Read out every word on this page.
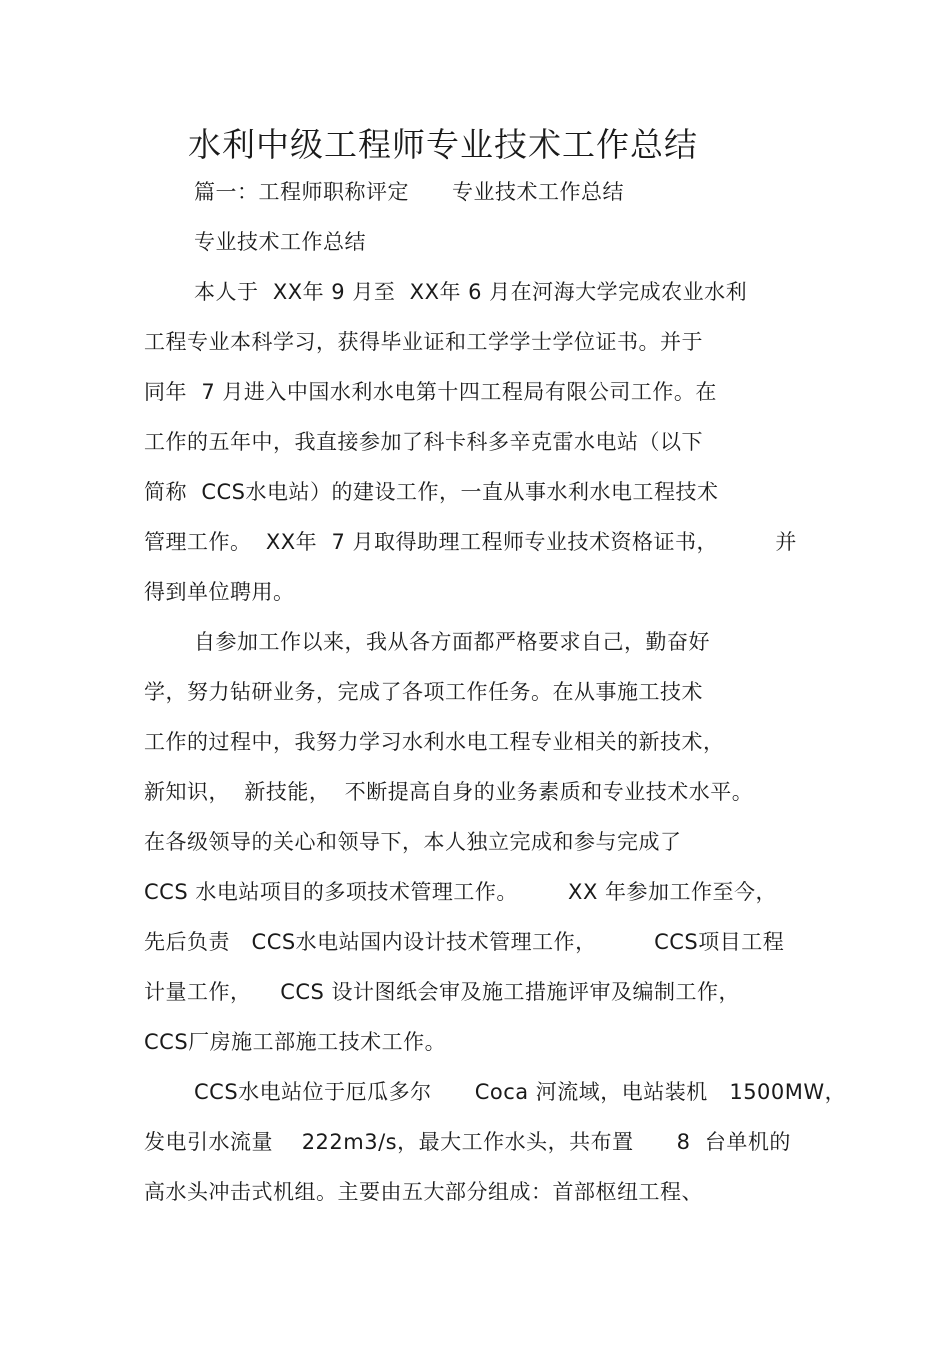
水利中级工程师专业技术工作总结
篇一：工程师职称评定      专业技术工作总结
专业技术工作总结
本人于  XX年 9 月至  XX年 6 月在河海大学完成农业水利
工程专业本科学习，获得毕业证和工学学士学位证书。并于
同年  7 月进入中国水利水电第十四工程局有限公司工作。在
工作的五年中，我直接参加了科卡科多辛克雷水电站（以下
简称  CCS水电站）的建设工作，一直从事水利水电工程技术
管理工作。  XX年  7 月取得助理工程师专业技术资格证书，        并
得到单位聘用。
自参加工作以来，我从各方面都严格要求自己，勤奋好
学，努力钻研业务，完成了各项工作任务。在从事施工技术
工作的过程中，我努力学习水利水电工程专业相关的新技术，
新知识，  新技能，  不断提高自身的业务素质和专业技术水平。
在各级领导的关心和领导下，本人独立完成和参与完成了
CCS 水电站项目的多项技术管理工作。       XX 年参加工作至今，
先后负责   CCS水电站国内设计技术管理工作，        CCS项目工程
计量工作，    CCS 设计图纸会审及施工措施评审及编制工作，
CCS厂房施工部施工技术工作。
CCS水电站位于厄瓜多尔      Coca 河流域，电站装机   1500MW，
发电引水流量    222m3/s，最大工作水头，共布置      8  台单机的
高水头冲击式机组。主要由五大部分组成：首部枢纽工程、
